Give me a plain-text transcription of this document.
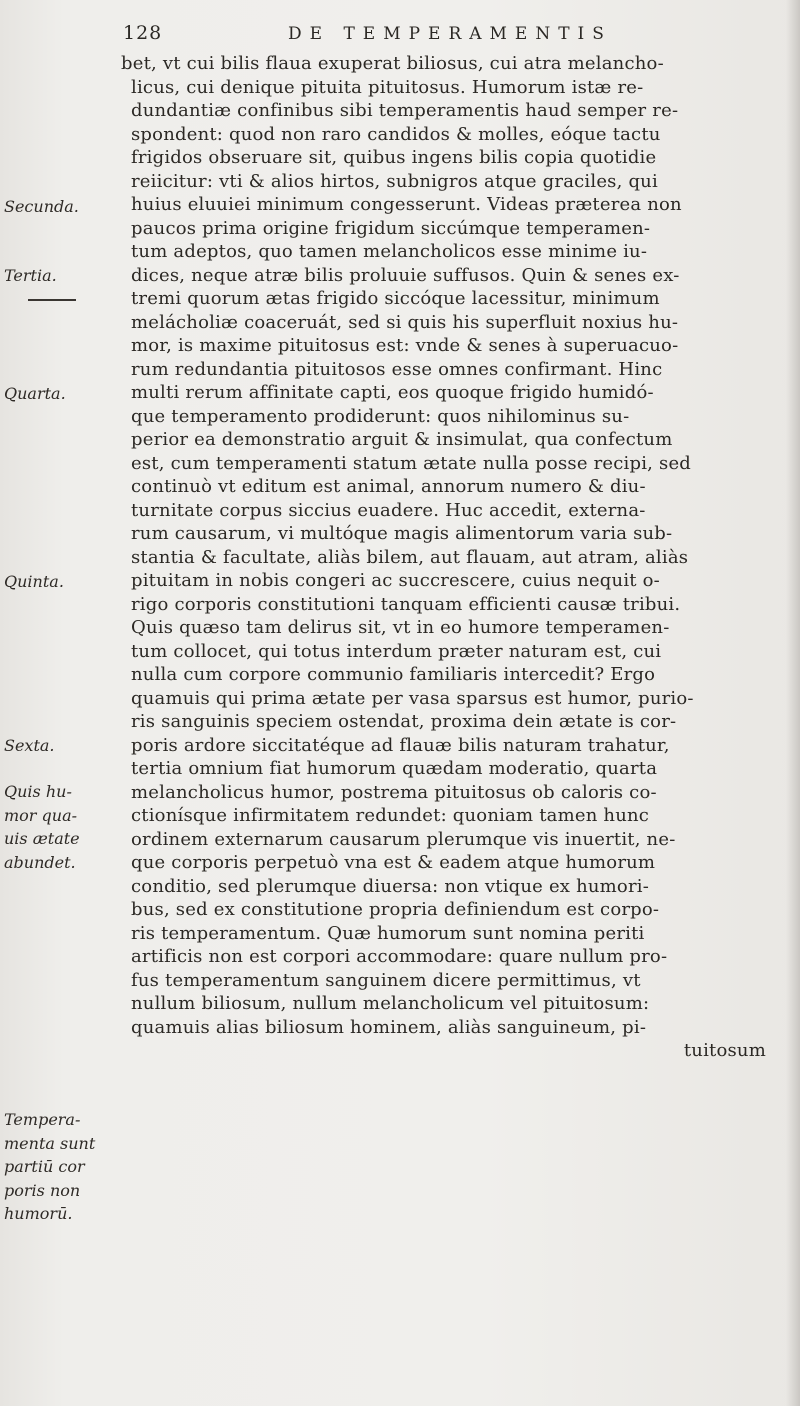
128	DE TEMPERAMENTIS
bet, vt cui bilis flaua exuperat biliosus, cui atra melancho-
licus, cui denique pituita pituitosus. Humorum istæ re-
dundantiæ confinibus sibi temperamentis haud semper re-
spondent: quod non raro candidos & molles, eóque tactu
frigidos obseruare sit, quibus ingens bilis copia quotidie
reiicitur: vti & alios hirtos, subnigros atque graciles, qui
huius eluuiei minimum congesserunt. Videas præterea non
paucos prima origine frigidum siccúmque temperamen-
tum adeptos, quo tamen melancholicos esse minime iu-
dices, neque atræ bilis proluuie suffusos. Quin & senes ex-
tremi quorum ætas frigido siccóque lacessitur, minimum
melácholiæ coaceruát, sed si quis his superfluit noxius hu-
mor, is maxime pituitosus est: vnde & senes à superuacuo-
rum redundantia pituitosos esse omnes confirmant. Hinc
multi rerum affinitate capti, eos quoque frigido humidó-
que temperamento prodiderunt: quos nihilominus su-
perior ea demonstratio arguit & insimulat, qua confectum
est, cum temperamenti statum ætate nulla posse recipi, sed
continuò vt editum est animal, annorum numero & diu-
turnitate corpus siccius euadere. Huc accedit, externa-
rum causarum, vi multóque magis alimentorum varia sub-
stantia & facultate, aliàs bilem, aut flauam, aut atram, aliàs
pituitam in nobis congeri ac succrescere, cuius nequit o-
rigo corporis constitutioni tanquam efficienti causæ tribui.
Quis quæso tam delirus sit, vt in eo humore temperamen-
tum collocet, qui totus interdum præter naturam est, cui
nulla cum corpore communio familiaris intercedit? Ergo
quamuis qui prima ætate per vasa sparsus est humor, purio-
ris sanguinis speciem ostendat, proxima dein ætate is cor-
poris ardore siccitatéque ad flauæ bilis naturam trahatur,
tertia omnium fiat humorum quædam moderatio, quarta
melancholicus humor, postrema pituitosus ob caloris co-
ctionísque infirmitatem redundet: quoniam tamen hunc
ordinem externarum causarum plerumque vis inuertit, ne-
que corporis perpetuò vna est & eadem atque humorum
conditio, sed plerumque diuersa: non vtique ex humori-
bus, sed ex constitutione propria definiendum est corpo-
ris temperamentum. Quæ humorum sunt nomina periti
artificis non est corpori accommodare: quare nullum pro-
fus temperamentum sanguinem dicere permittimus, vt
nullum biliosum, nullum melancholicum vel pituitosum:
quamuis alias biliosum hominem, aliàs sanguineum, pi-
tuitosum
Secunda.
Tertia.
Quarta.
Quinta.
Sexta.
Quis hu-
mor qua-
uis ætate
abundet.
Tempera-
menta sunt
partiū cor
poris non
humorū.
